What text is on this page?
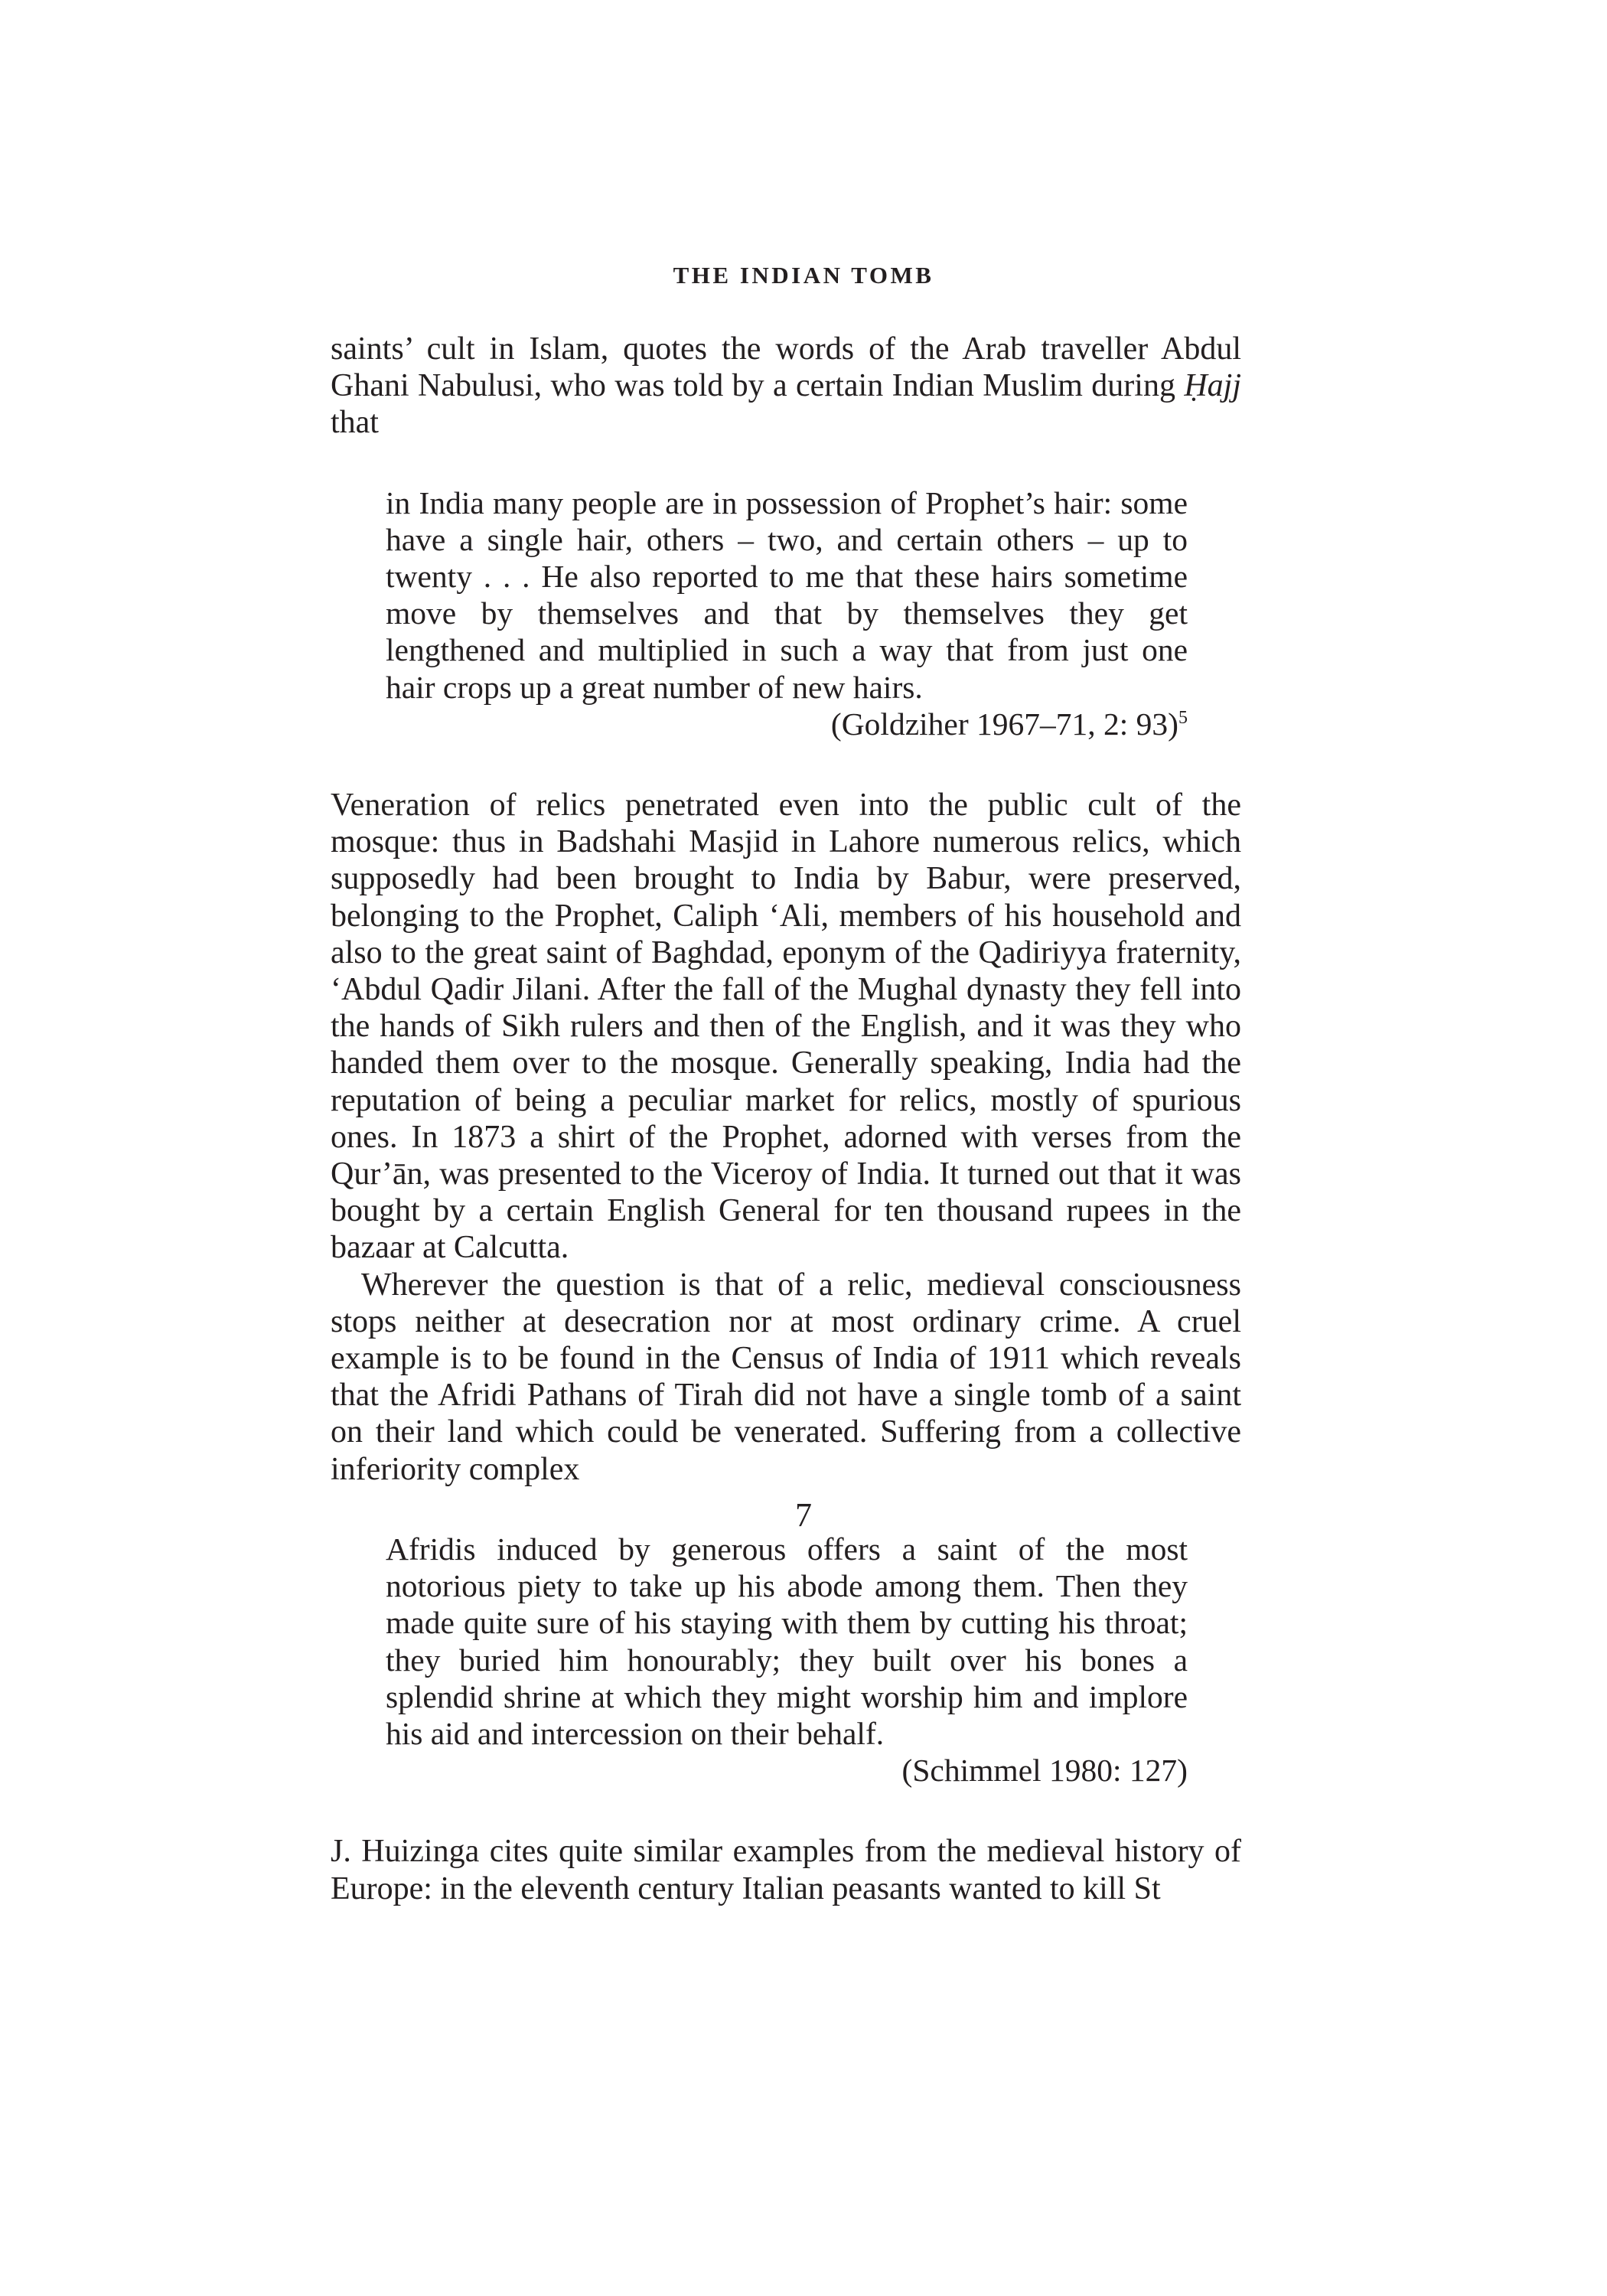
THE INDIAN TOMB

saints’ cult in Islam, quotes the words of the Arab traveller Abdul Ghani Nabulusi, who was told by a certain Indian Muslim during Ḥajj that

in India many people are in possession of Prophet’s hair: some have a single hair, others – two, and certain others – up to twenty . . . He also reported to me that these hairs sometime move by themselves and that by themselves they get lengthened and multiplied in such a way that from just one hair crops up a great number of new hairs.

(Goldziher 1967–71, 2: 93)$^5$

Veneration of relics penetrated even into the public cult of the mosque: thus in Badshahi Masjid in Lahore numerous relics, which supposedly had been brought to India by Babur, were preserved, belonging to the Prophet, Caliph ‘Ali, members of his household and also to the great saint of Baghdad, eponym of the Qadiriyya fraternity, ‘Abdul Qadir Jilani. After the fall of the Mughal dynasty they fell into the hands of Sikh rulers and then of the English, and it was they who handed them over to the mosque. Generally speaking, India had the reputation of being a peculiar market for relics, mostly of spurious ones. In 1873 a shirt of the Prophet, adorned with verses from the Qur’ān, was presented to the Viceroy of India. It turned out that it was bought by a certain English General for ten thousand rupees in the bazaar at Calcutta.

Wherever the question is that of a relic, medieval consciousness stops neither at desecration nor at most ordinary crime. A cruel example is to be found in the Census of India of 1911 which reveals that the Afridi Pathans of Tirah did not have a single tomb of a saint on their land which could be venerated. Suffering from a collective inferiority complex

Afridis induced by generous offers a saint of the most notorious piety to take up his abode among them. Then they made quite sure of his staying with them by cutting his throat; they buried him honourably; they built over his bones a splendid shrine at which they might worship him and implore his aid and intercession on their behalf.

(Schimmel 1980: 127)

J. Huizinga cites quite similar examples from the medieval history of Europe: in the eleventh century Italian peasants wanted to kill St

7
